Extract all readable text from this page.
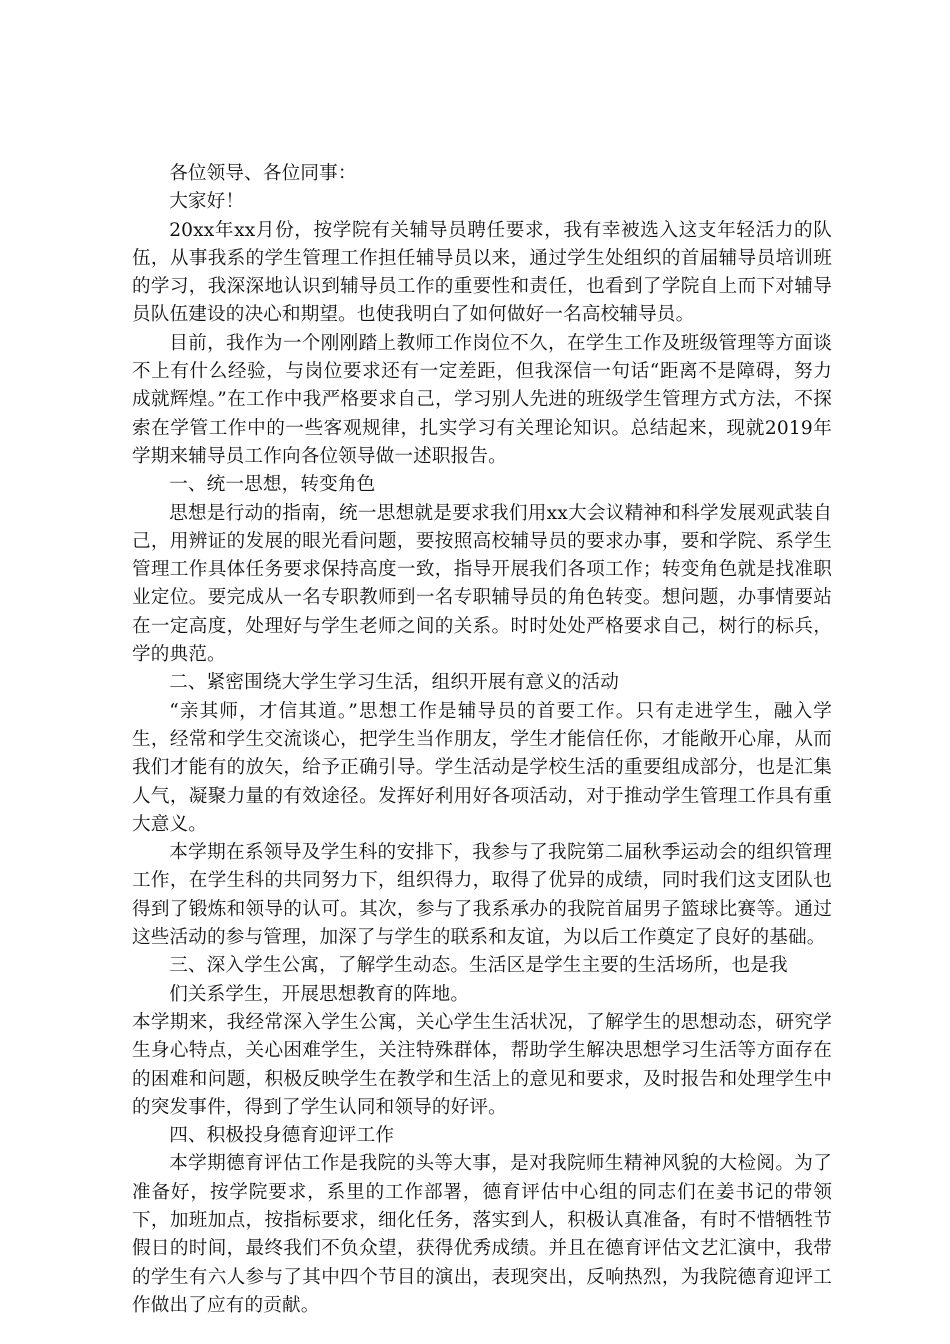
各位领导、各位同事：

大家好！

20xx年xx月份，按学院有关辅导员聘任要求，我有幸被选入这支年轻活力的队伍，从事我系的学生管理工作担任辅导员以来，通过学生处组织的首届辅导员培训班的学习，我深深地认识到辅导员工作的重要性和责任，也看到了学院自上而下对辅导员队伍建设的决心和期望。也使我明白了如何做好一名高校辅导员。

目前，我作为一个刚刚踏上教师工作岗位不久，在学生工作及班级管理等方面谈不上有什么经验，与岗位要求还有一定差距，但我深信一句话“距离不是障碍，努力成就辉煌。”在工作中我严格要求自己，学习别人先进的班级学生管理方式方法，不探索在学管工作中的一些客观规律，扎实学习有关理论知识。总结起来，现就2019年学期来辅导员工作向各位领导做一述职报告。

一、统一思想，转变角色

思想是行动的指南，统一思想就是要求我们用xx大会议精神和科学发展观武装自己，用辨证的发展的眼光看问题，要按照高校辅导员的要求办事，要和学院、系学生管理工作具体任务要求保持高度一致，指导开展我们各项工作；转变角色就是找准职业定位。要完成从一名专职教师到一名专职辅导员的角色转变。想问题，办事情要站在一定高度，处理好与学生老师之间的关系。时时处处严格要求自己，树行的标兵，学的典范。

二、紧密围绕大学生学习生活，组织开展有意义的活动

“亲其师，才信其道。”思想工作是辅导员的首要工作。只有走进学生，融入学生，经常和学生交流谈心，把学生当作朋友，学生才能信任你，才能敞开心扉，从而我们才能有的放矢，给予正确引导。学生活动是学校生活的重要组成部分，也是汇集人气，凝聚力量的有效途径。发挥好利用好各项活动，对于推动学生管理工作具有重大意义。

本学期在系领导及学生科的安排下，我参与了我院第二届秋季运动会的组织管理工作，在学生科的共同努力下，组织得力，取得了优异的成绩，同时我们这支团队也得到了锻炼和领导的认可。其次，参与了我系承办的我院首届男子篮球比赛等。通过这些活动的参与管理，加深了与学生的联系和友谊，为以后工作奠定了良好的基础。

三、深入学生公寓，了解学生动态。生活区是学生主要的生活场所，也是我
们关系学生，开展思想教育的阵地。

本学期来，我经常深入学生公寓，关心学生生活状况，了解学生的思想动态，研究学生身心特点，关心困难学生，关注特殊群体，帮助学生解决思想学习生活等方面存在的困难和问题，积极反映学生在教学和生活上的意见和要求，及时报告和处理学生中的突发事件，得到了学生认同和领导的好评。

四、积极投身德育迎评工作

本学期德育评估工作是我院的头等大事，是对我院师生精神风貌的大检阅。为了准备好，按学院要求，系里的工作部署，德育评估中心组的同志们在姜书记的带领下，加班加点，按指标要求，细化任务，落实到人，积极认真准备，有时不惜牺牲节假日的时间，最终我们不负众望，获得优秀成绩。并且在德育评估文艺汇演中，我带的学生有六人参与了其中四个节目的演出，表现突出，反响热烈，为我院德育迎评工作做出了应有的贡献。
